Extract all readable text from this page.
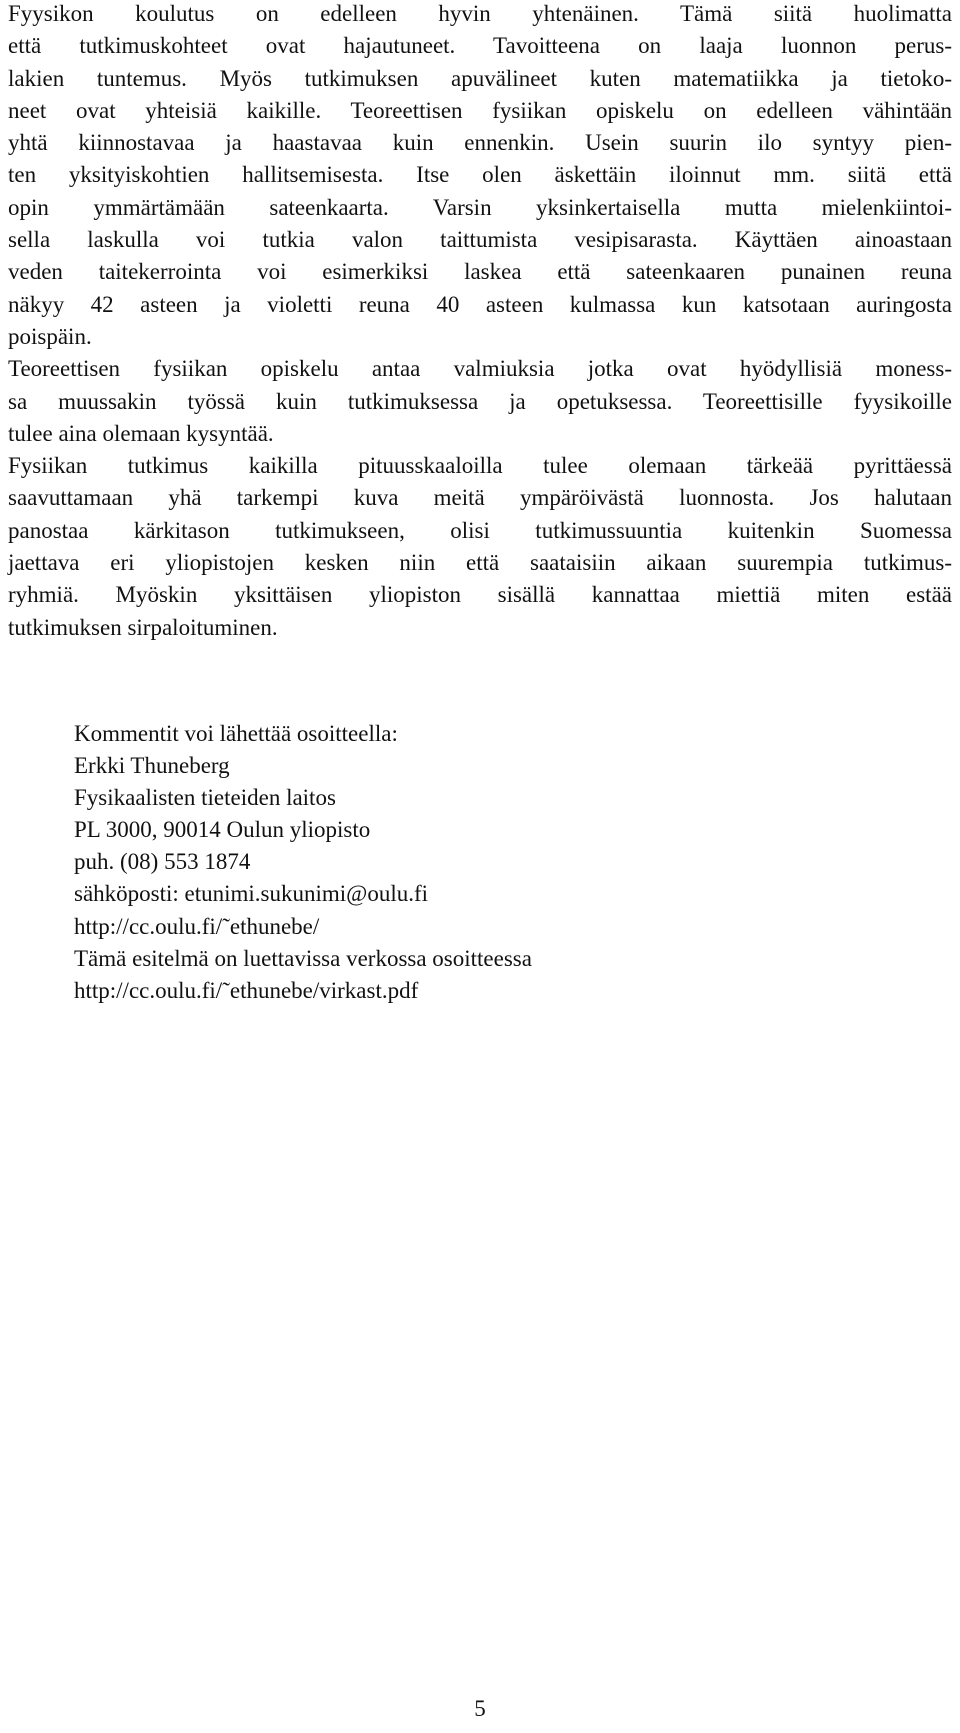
Fyysikon koulutus on edelleen hyvin yhtenäinen. Tämä siitä huolimatta
että tutkimuskohteet ovat hajautuneet. Tavoitteena on laaja luonnon perus-
lakien tuntemus. Myös tutkimuksen apuvälineet kuten matematiikka ja tietoko-
neet ovat yhteisiä kaikille. Teoreettisen fysiikan opiskelu on edelleen vähintään
yhtä kiinnostavaa ja haastavaa kuin ennenkin. Usein suurin ilo syntyy pien-
ten yksityiskohtien hallitsemisesta. Itse olen äskettäin iloinnut mm. siitä että
opin ymmärtämään sateenkaarta. Varsin yksinkertaisella mutta mielenkiintoi-
sella laskulla voi tutkia valon taittumista vesipisarasta. Käyttäen ainoastaan
veden taitekerrointa voi esimerkiksi laskea että sateenkaaren punainen reuna
näkyy 42 asteen ja violetti reuna 40 asteen kulmassa kun katsotaan auringosta
poispäin.
Teoreettisen fysiikan opiskelu antaa valmiuksia jotka ovat hyödyllisiä moness-
sa muussakin työssä kuin tutkimuksessa ja opetuksessa. Teoreettisille fyysikoille
tulee aina olemaan kysyntää.
Fysiikan tutkimus kaikilla pituusskaaloilla tulee olemaan tärkeää pyrittäessä
saavuttamaan yhä tarkempi kuva meitä ympäröivästä luonnosta. Jos halutaan
panostaa kärkitason tutkimukseen, olisi tutkimussuuntia kuitenkin Suomessa
jaettava eri yliopistojen kesken niin että saataisiin aikaan suurempia tutkimus-
ryhmiä. Myöskin yksittäisen yliopiston sisällä kannattaa miettiä miten estää
tutkimuksen sirpaloituminen.
Kommentit voi lähettää osoitteella:
Erkki Thuneberg
Fysikaalisten tieteiden laitos
PL 3000, 90014 Oulun yliopisto
puh. (08) 553 1874
sähköposti: etunimi.sukunimi@oulu.fi
http://cc.oulu.fi/˜ethunebe/
Tämä esitelmä on luettavissa verkossa osoitteessa
http://cc.oulu.fi/˜ethunebe/virkast.pdf
5
